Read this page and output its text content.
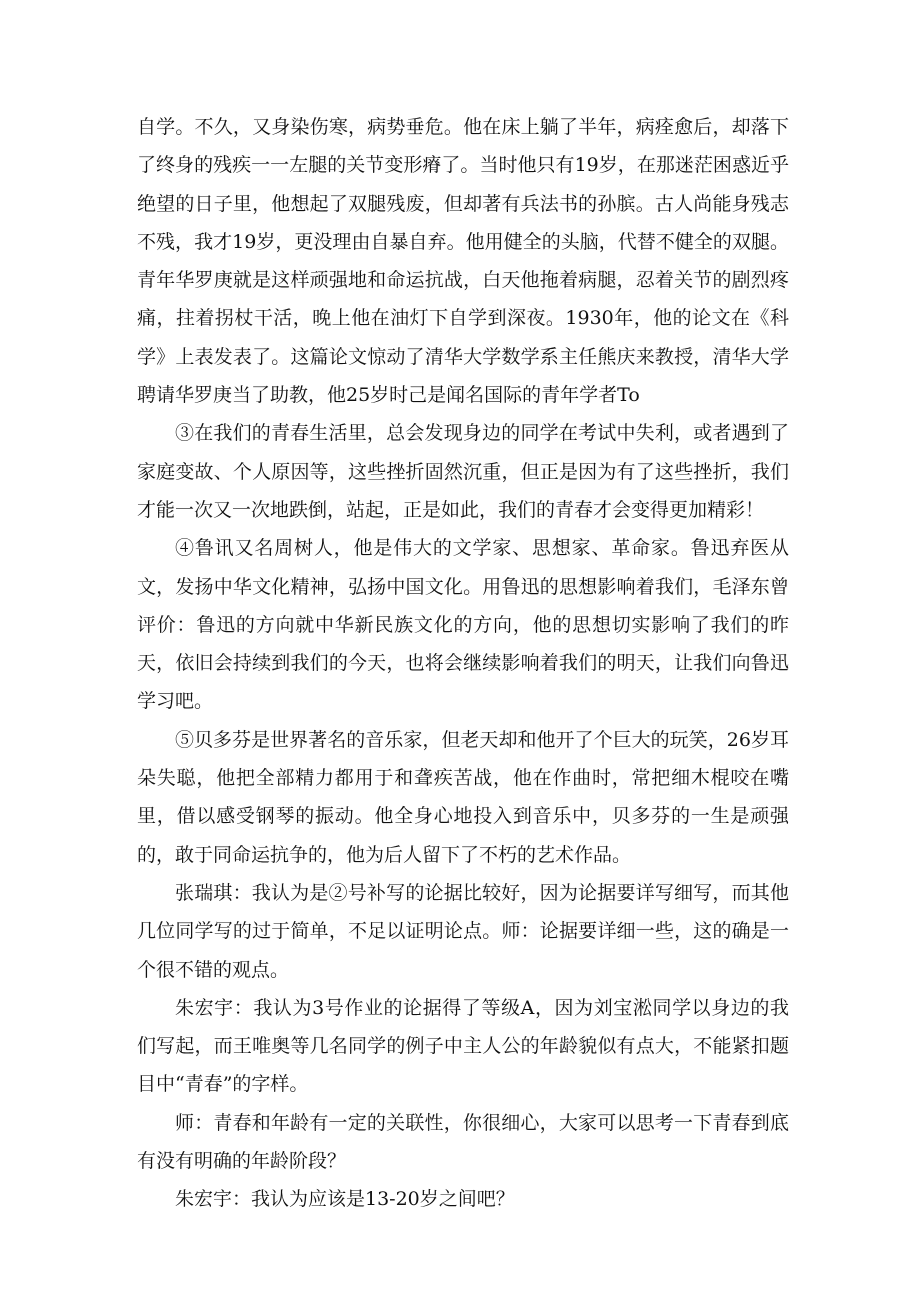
自学。不久，又身染伤寒，病势垂危。他在床上躺了半年，病痊愈后，却落下了终身的残疾一一左腿的关节变形瘠了。当时他只有19岁，在那迷茫困惑近乎绝望的日子里，他想起了双腿残废，但却著有兵法书的孙膑。古人尚能身残志不残，我才19岁，更没理由自暴自弃。他用健全的头脑，代替不健全的双腿。青年华罗庚就是这样顽强地和命运抗战，白天他拖着病腿，忍着关节的剧烈疼痛，拄着拐杖干活，晚上他在油灯下自学到深夜。1930年，他的论文在《科学》上表发表了。这篇论文惊动了清华大学数学系主任熊庆来教授，清华大学聘请华罗庚当了助教，他25岁时己是闻名国际的青年学者To

③在我们的青春生活里，总会发现身边的同学在考试中失利，或者遇到了家庭变故、个人原因等，这些挫折固然沉重，但正是因为有了这些挫折，我们才能一次又一次地跌倒，站起，正是如此，我们的青春才会变得更加精彩！

④鲁讯又名周树人，他是伟大的文学家、思想家、革命家。鲁迅弃医从文，发扬中华文化精神，弘扬中国文化。用鲁迅的思想影响着我们，毛泽东曾评价：鲁迅的方向就中华新民族文化的方向，他的思想切实影响了我们的昨天，依旧会持续到我们的今天，也将会继续影响着我们的明天，让我们向鲁迅学习吧。

⑤贝多芬是世界著名的音乐家，但老天却和他开了个巨大的玩笑，26岁耳朵失聪，他把全部精力都用于和聋疾苦战，他在作曲时，常把细木棍咬在嘴里，借以感受钢琴的振动。他全身心地投入到音乐中，贝多芬的一生是顽强的，敢于同命运抗争的，他为后人留下了不朽的艺术作品。

张瑞琪：我认为是②号补写的论据比较好，因为论据要详写细写，而其他几位同学写的过于简单，不足以证明论点。师：论据要详细一些，这的确是一个很不错的观点。

朱宏宇：我认为3号作业的论据得了等级A，因为刘宝淞同学以身边的我们写起，而王唯奥等几名同学的例子中主人公的年龄貌似有点大，不能紧扣题目中“青春”的字样。

师：青春和年龄有一定的关联性，你很细心，大家可以思考一下青春到底有没有明确的年龄阶段？

朱宏宇：我认为应该是13-20岁之间吧？
